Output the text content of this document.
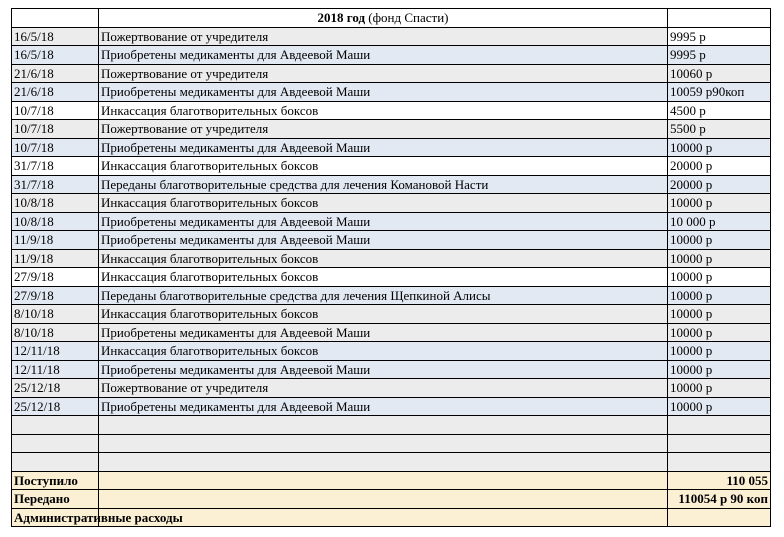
	2018 год (фонд Спасти)	
16/5/18	Пожертвование от учредителя	9995 р
16/5/18	Приобретены медикаменты для Авдеевой Маши	9995 р
21/6/18	Пожертвование от учредителя	10060 р
21/6/18	Приобретены медикаменты для Авдеевой Маши	10059 р90коп
10/7/18	Инкассация благотворительных боксов	4500 р
10/7/18	Пожертвование от учредителя	5500 р
10/7/18	Приобретены медикаменты для Авдеевой Маши	10000 р
31/7/18	Инкассация благотворительных боксов	20000 р
31/7/18	Переданы благотворительные средства для лечения Комановой Насти	20000 р
10/8/18	Инкассация благотворительных боксов	10000 р
10/8/18	Приобретены медикаменты для Авдеевой Маши	10 000 р
11/9/18	Приобретены медикаменты для Авдеевой Маши	10000 р
11/9/18	Инкассация благотворительных боксов	10000 р
27/9/18	Инкассация благотворительных боксов	10000 р
27/9/18	Переданы благотворительные средства для лечения Щепкиной Алисы	10000 р
8/10/18	Инкассация благотворительных боксов	10000 р
8/10/18	Приобретены медикаменты для Авдеевой Маши	10000 р
12/11/18	Инкассация благотворительных боксов	10000 р
12/11/18	Приобретены медикаменты для Авдеевой Маши	10000 р
25/12/18	Пожертвование от учредителя	10000 р
25/12/18	Приобретены медикаменты для Авдеевой Маши	10000 р

Поступило		110 055
Передано		110054 р 90 коп

Административные расходы		
